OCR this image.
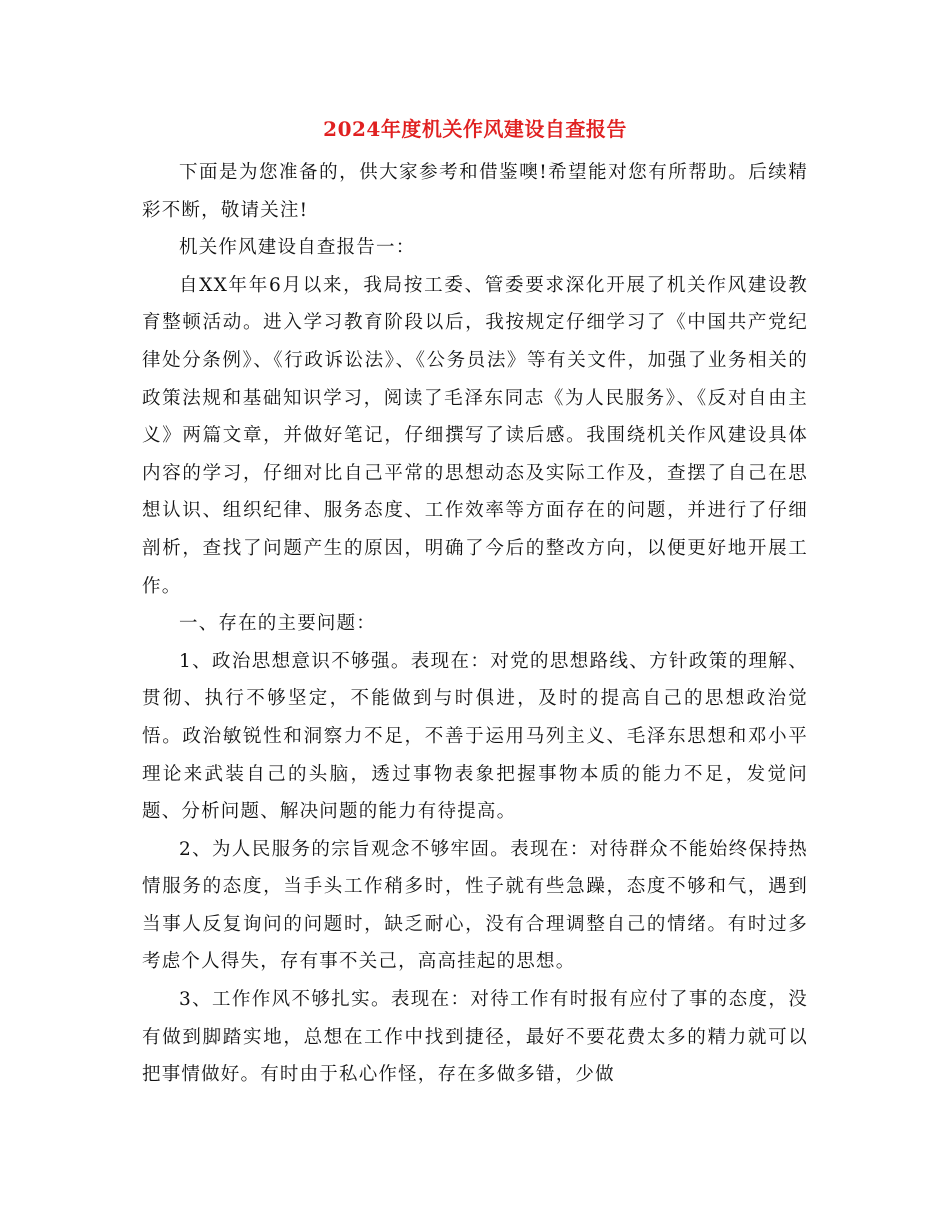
2024年度机关作风建设自查报告

下面是为您准备的，供大家参考和借鉴噢!希望能对您有所帮助。后续精彩不断，敬请关注!

机关作风建设自查报告一：

自XX年年6月以来，我局按工委、管委要求深化开展了机关作风建设教育整顿活动。进入学习教育阶段以后，我按规定仔细学习了《中国共产党纪律处分条例》、《行政诉讼法》、《公务员法》等有关文件，加强了业务相关的政策法规和基础知识学习，阅读了毛泽东同志《为人民服务》、《反对自由主义》两篇文章，并做好笔记，仔细撰写了读后感。我围绕机关作风建设具体内容的学习，仔细对比自己平常的思想动态及实际工作及，查摆了自己在思想认识、组织纪律、服务态度、工作效率等方面存在的问题，并进行了仔细剖析，查找了问题产生的原因，明确了今后的整改方向，以便更好地开展工作。

一、存在的主要问题：

1、政治思想意识不够强。表现在：对党的思想路线、方针政策的理解、贯彻、执行不够坚定，不能做到与时俱进，及时的提高自己的思想政治觉悟。政治敏锐性和洞察力不足，不善于运用马列主义、毛泽东思想和邓小平理论来武装自己的头脑，透过事物表象把握事物本质的能力不足，发觉问题、分析问题、解决问题的能力有待提高。

2、为人民服务的宗旨观念不够牢固。表现在：对待群众不能始终保持热情服务的态度，当手头工作稍多时，性子就有些急躁，态度不够和气，遇到当事人反复询问的问题时，缺乏耐心，没有合理调整自己的情绪。有时过多考虑个人得失，存有事不关己，高高挂起的思想。

3、工作作风不够扎实。表现在：对待工作有时报有应付了事的态度，没有做到脚踏实地，总想在工作中找到捷径，最好不要花费太多的精力就可以把事情做好。有时由于私心作怪，存在多做多错，少做
